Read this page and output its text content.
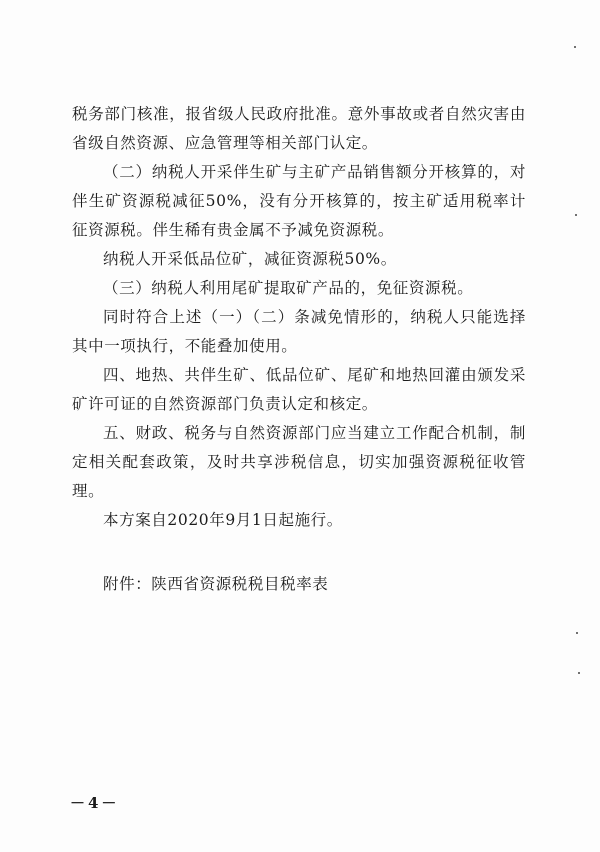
税务部门核准，报省级人民政府批准。意外事故或者自然灾害由省级自然资源、应急管理等相关部门认定。

（二）纳税人开采伴生矿与主矿产品销售额分开核算的，对伴生矿资源税减征50%，没有分开核算的，按主矿适用税率计征资源税。伴生稀有贵金属不予减免资源税。

纳税人开采低品位矿，减征资源税50%。

（三）纳税人利用尾矿提取矿产品的，免征资源税。

同时符合上述（一）（二）条减免情形的，纳税人只能选择其中一项执行，不能叠加使用。

四、地热、共伴生矿、低品位矿、尾矿和地热回灌由颁发采矿许可证的自然资源部门负责认定和核定。

五、财政、税务与自然资源部门应当建立工作配合机制，制定相关配套政策，及时共享涉税信息，切实加强资源税征收管理。

本方案自2020年9月1日起施行。

附件：陕西省资源税税目税率表

－4－
